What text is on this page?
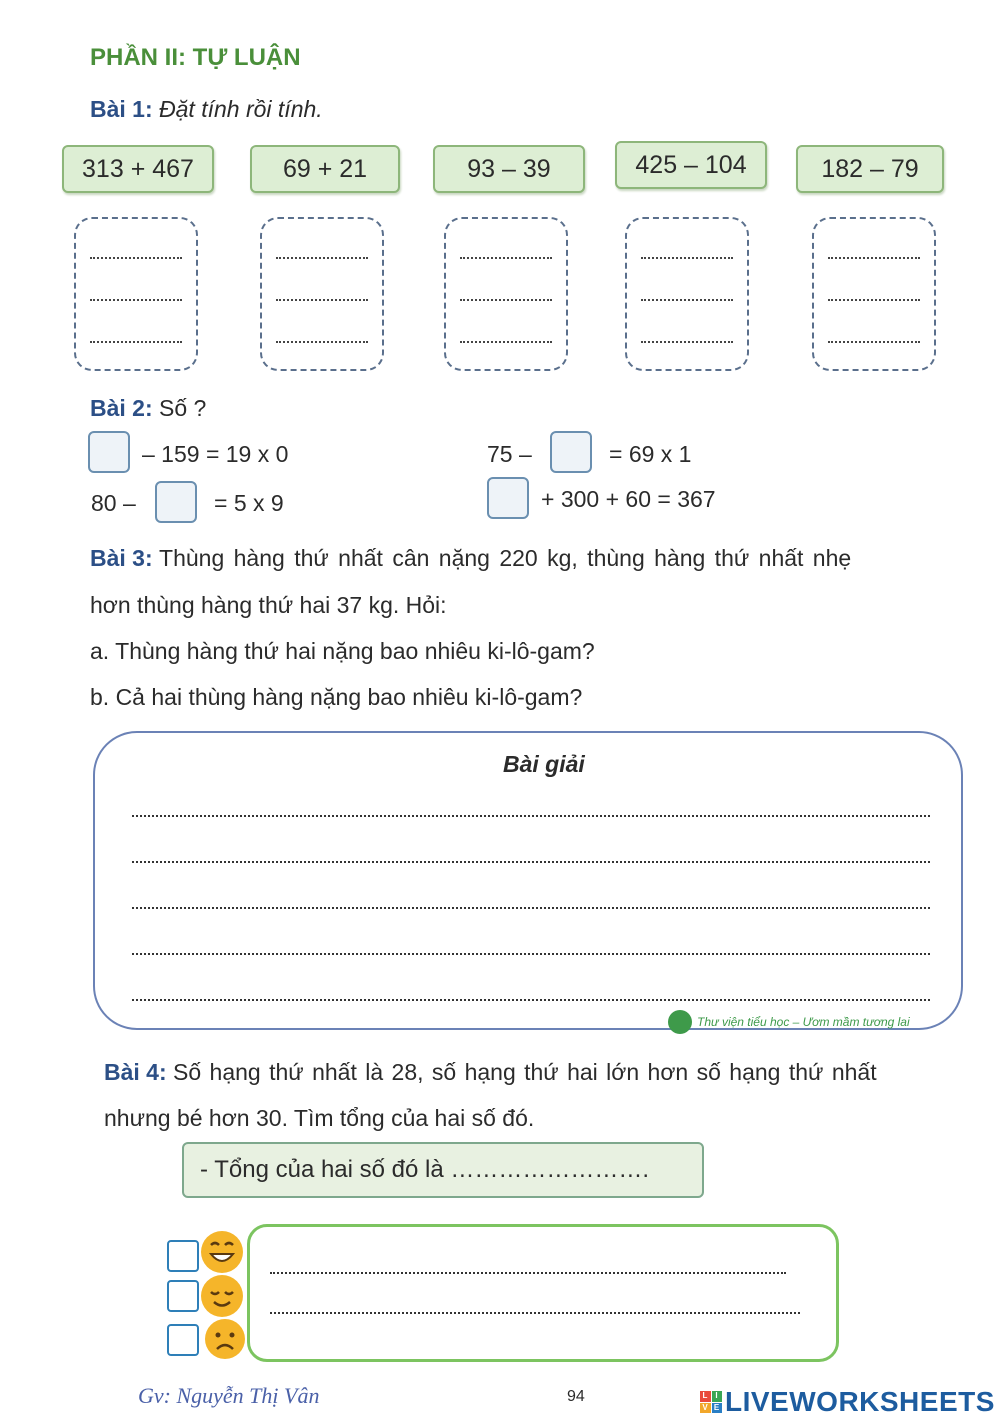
PHẦN II: TỰ LUẬN
Bài 1: Đặt tính rồi tính.
313 + 467	69 + 21	93 – 39	425 – 104	182 – 79
Bài 2: Số ?
– 159 = 19 x 0	75 –	= 69 x 1
80 –	= 5 x 9	+ 300 + 60 = 367
Bài 3: Thùng hàng thứ nhất cân nặng 220 kg, thùng hàng thứ nhất nhẹ
hơn thùng hàng thứ hai 37 kg. Hỏi:
a. Thùng hàng thứ hai nặng bao nhiêu ki-lô-gam?
b. Cả hai thùng hàng nặng bao nhiêu ki-lô-gam?
Bài giải
Thư viện tiểu học – Ươm mầm tương lai
Bài 4: Số hạng thứ nhất là 28, số hạng thứ hai lớn hơn số hạng thứ nhất
nhưng bé hơn 30. Tìm tổng của hai số đó.
- Tổng của hai số đó là …………………….
Gv: Nguyễn Thị Vân	94	L I
V E LIVEWORKSHEETS
